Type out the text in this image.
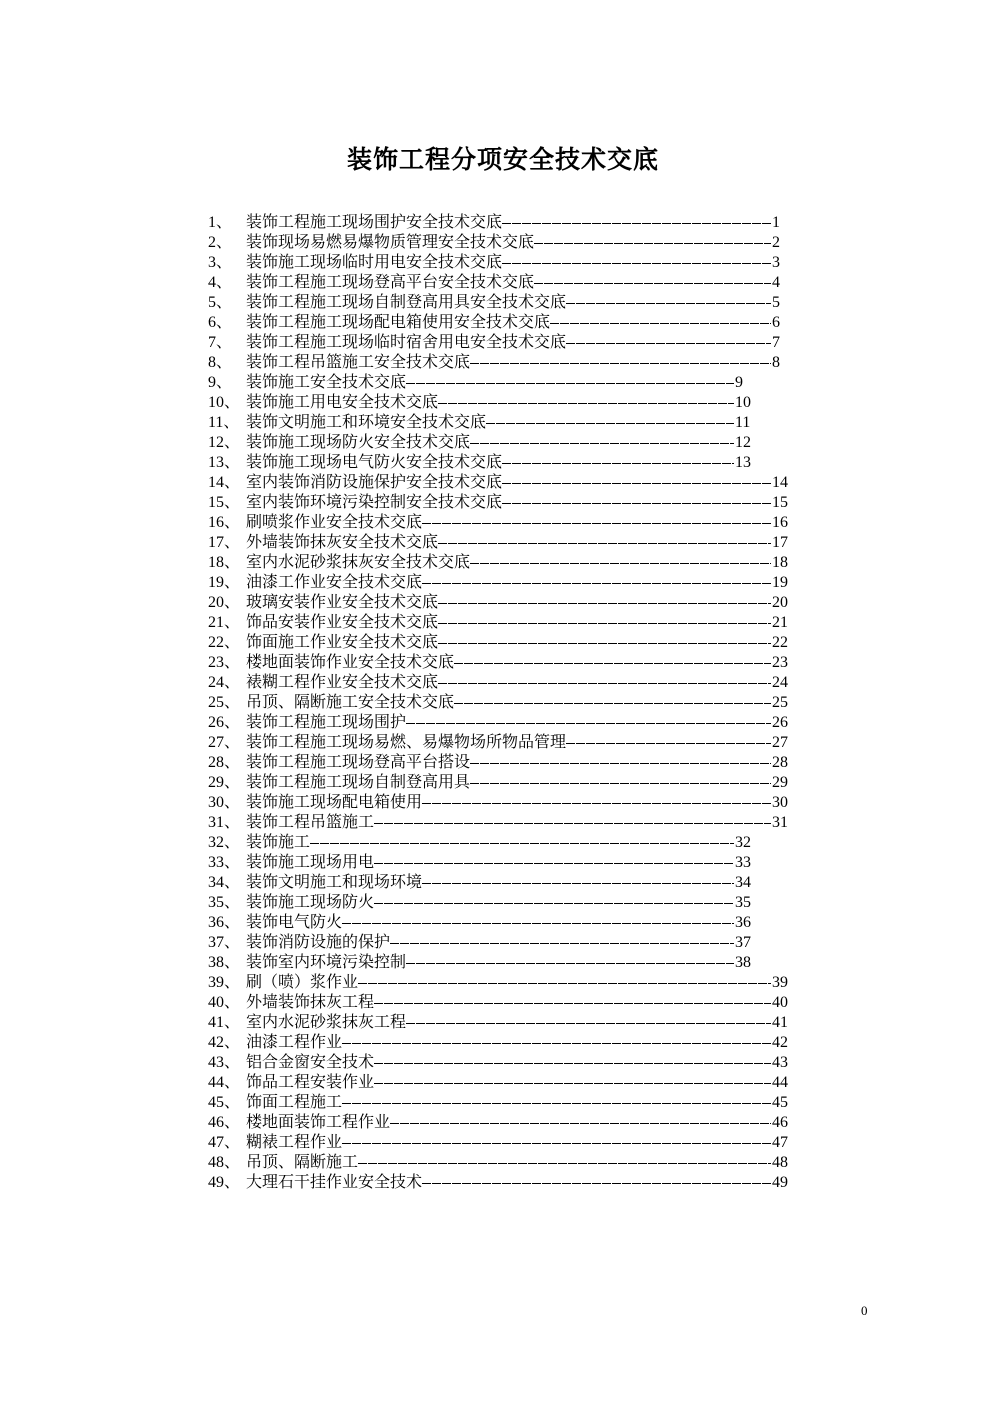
装饰工程分项安全技术交底
1、 装饰工程施工现场围护安全技术交底	1
2、 装饰现场易燃易爆物质管理安全技术交底	2
3、 装饰施工现场临时用电安全技术交底	3
4、 装饰工程施工现场登高平台安全技术交底	4
5、 装饰工程施工现场自制登高用具安全技术交底	5
6、 装饰工程施工现场配电箱使用安全技术交底	6
7、 装饰工程施工现场临时宿舍用电安全技术交底	7
8、 装饰工程吊篮施工安全技术交底	8
9、 装饰施工安全技术交底	9
10、 装饰施工用电安全技术交底	10
11、 装饰文明施工和环境安全技术交底	11
12、 装饰施工现场防火安全技术交底	12
13、 装饰施工现场电气防火安全技术交底	13
14、 室内装饰消防设施保护安全技术交底	14
15、 室内装饰环境污染控制安全技术交底	15
16、 刷喷浆作业安全技术交底	16
17、 外墙装饰抹灰安全技术交底	17
18、 室内水泥砂浆抹灰安全技术交底	18
19、 油漆工作业安全技术交底	19
20、 玻璃安装作业安全技术交底	20
21、 饰品安装作业安全技术交底	21
22、 饰面施工作业安全技术交底	22
23、 楼地面装饰作业安全技术交底	23
24、 裱糊工程作业安全技术交底	24
25、 吊顶、隔断施工安全技术交底	25
26、 装饰工程施工现场围护	26
27、 装饰工程施工现场易燃、易爆物场所物品管理	27
28、 装饰工程施工现场登高平台搭设	28
29、 装饰工程施工现场自制登高用具	29
30、 装饰施工现场配电箱使用	30
31、 装饰工程吊篮施工	31
32、 装饰施工	32
33、 装饰施工现场用电	33
34、 装饰文明施工和现场环境	34
35、 装饰施工现场防火	35
36、 装饰电气防火	36
37、 装饰消防设施的保护	37
38、 装饰室内环境污染控制	38
39、 刷（喷）浆作业	39
40、 外墙装饰抹灰工程	40
41、 室内水泥砂浆抹灰工程	41
42、 油漆工程作业	42
43、 铝合金窗安全技术	43
44、 饰品工程安装作业	44
45、 饰面工程施工	45
46、 楼地面装饰工程作业	46
47、 糊裱工程作业	47
48、 吊顶、隔断施工	48
49、 大理石干挂作业安全技术	49
0
